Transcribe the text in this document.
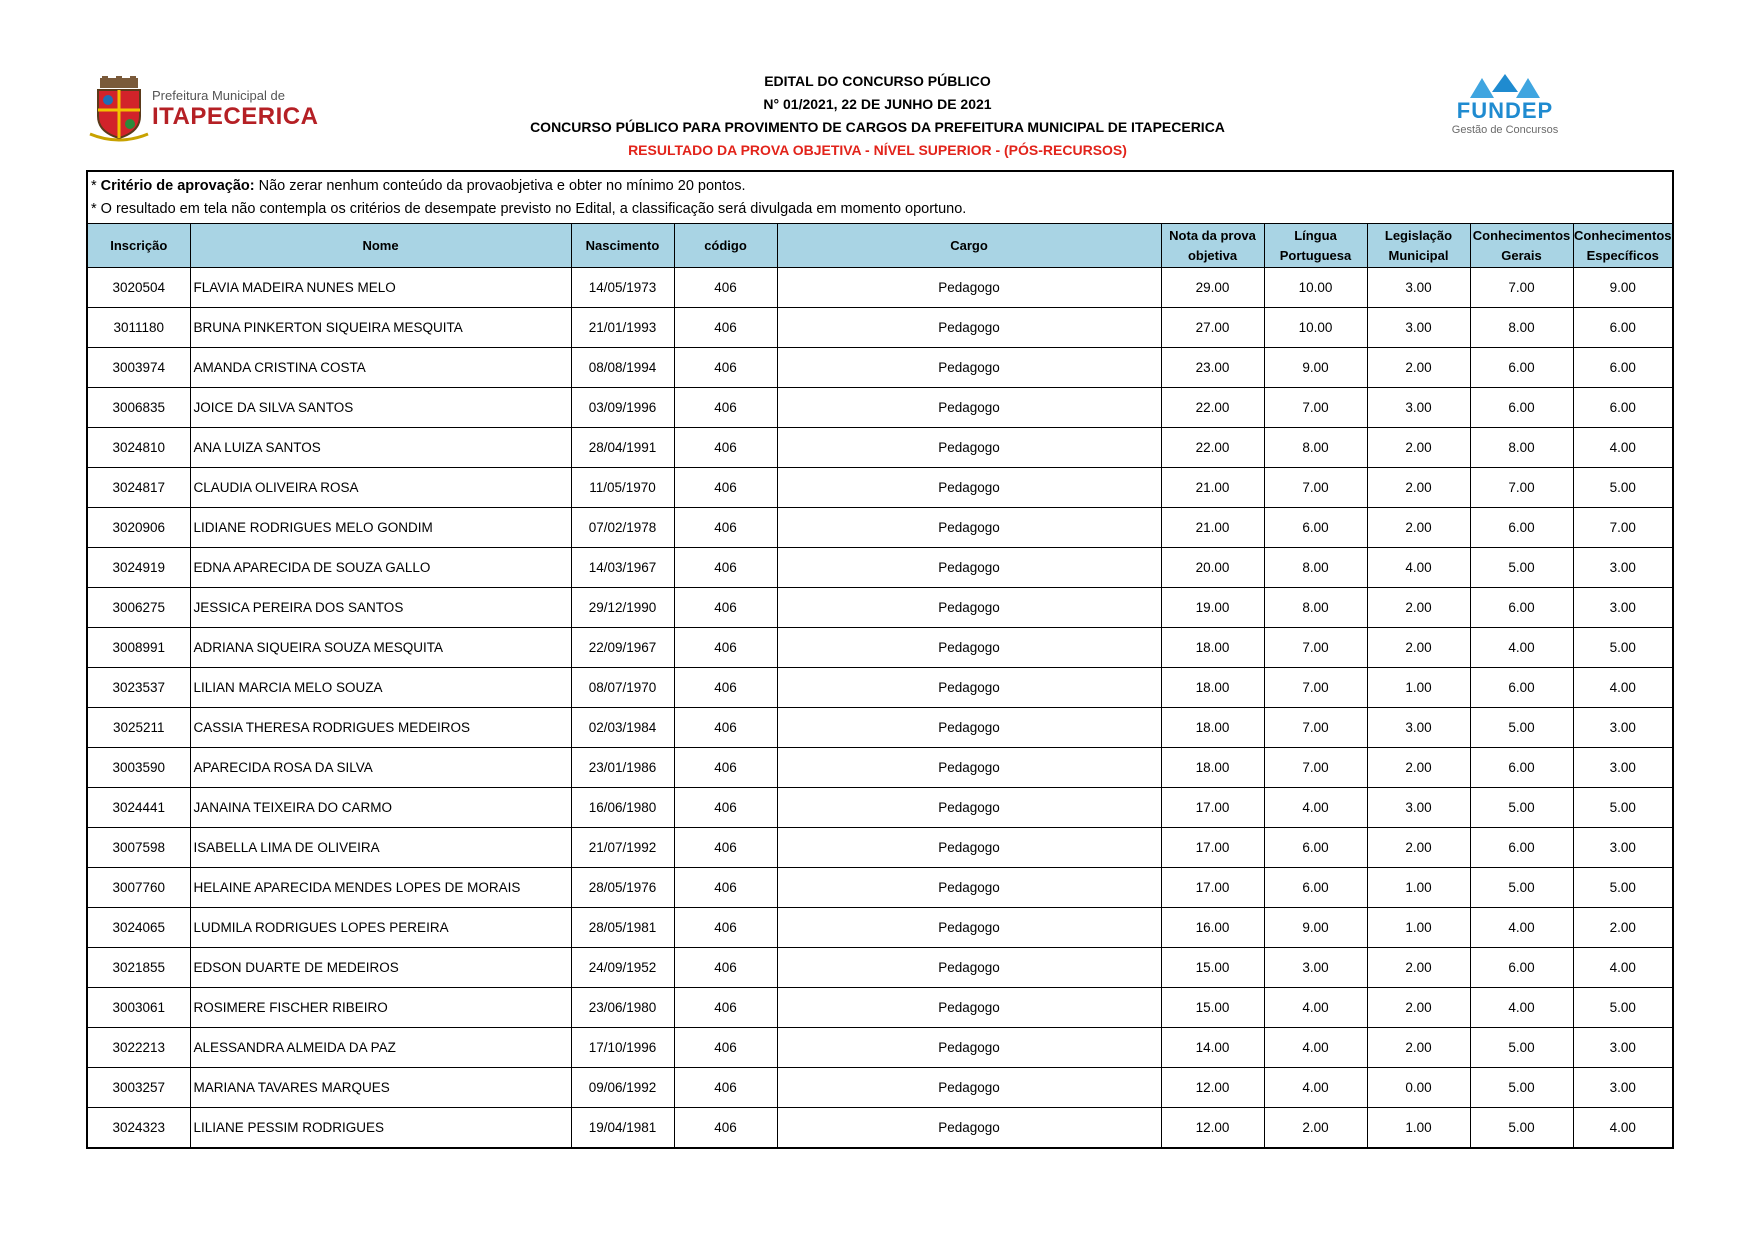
Prefeitura Municipal de
ITAPECERICA	FUNDEP
Gestão de Concursos
EDITAL DO CONCURSO PÚBLICO
N° 01/2021, 22 DE JUNHO DE 2021
CONCURSO PÚBLICO PARA PROVIMENTO DE CARGOS DA PREFEITURA MUNICIPAL DE ITAPECERICA
RESULTADO DA PROVA OBJETIVA - NÍVEL SUPERIOR - (PÓS-RECURSOS)
* Critério de aprovação: Não zerar nenhum conteúdo da provaobjetiva e obter no mínimo 20 pontos.
* O resultado em tela não contempla os critérios de desempate previsto no Edital, a classificação será divulgada em momento oportuno.
Inscrição	Nome	Nascimento	código	Cargo	Nota da prova objetiva	Língua Portuguesa	Legislação Municipal	Conhecimentos Gerais	Conhecimentos Específicos
3020504	FLAVIA MADEIRA NUNES MELO	14/05/1973	406	Pedagogo	29.00	10.00	3.00	7.00	9.00
3011180	BRUNA PINKERTON SIQUEIRA MESQUITA	21/01/1993	406	Pedagogo	27.00	10.00	3.00	8.00	6.00
3003974	AMANDA CRISTINA COSTA	08/08/1994	406	Pedagogo	23.00	9.00	2.00	6.00	6.00
3006835	JOICE DA SILVA SANTOS	03/09/1996	406	Pedagogo	22.00	7.00	3.00	6.00	6.00
3024810	ANA LUIZA SANTOS	28/04/1991	406	Pedagogo	22.00	8.00	2.00	8.00	4.00
3024817	CLAUDIA OLIVEIRA ROSA	11/05/1970	406	Pedagogo	21.00	7.00	2.00	7.00	5.00
3020906	LIDIANE RODRIGUES MELO GONDIM	07/02/1978	406	Pedagogo	21.00	6.00	2.00	6.00	7.00
3024919	EDNA APARECIDA DE SOUZA GALLO	14/03/1967	406	Pedagogo	20.00	8.00	4.00	5.00	3.00
3006275	JESSICA PEREIRA DOS SANTOS	29/12/1990	406	Pedagogo	19.00	8.00	2.00	6.00	3.00
3008991	ADRIANA SIQUEIRA SOUZA MESQUITA	22/09/1967	406	Pedagogo	18.00	7.00	2.00	4.00	5.00
3023537	LILIAN MARCIA MELO SOUZA	08/07/1970	406	Pedagogo	18.00	7.00	1.00	6.00	4.00
3025211	CASSIA THERESA RODRIGUES MEDEIROS	02/03/1984	406	Pedagogo	18.00	7.00	3.00	5.00	3.00
3003590	APARECIDA ROSA DA SILVA	23/01/1986	406	Pedagogo	18.00	7.00	2.00	6.00	3.00
3024441	JANAINA TEIXEIRA DO CARMO	16/06/1980	406	Pedagogo	17.00	4.00	3.00	5.00	5.00
3007598	ISABELLA LIMA DE OLIVEIRA	21/07/1992	406	Pedagogo	17.00	6.00	2.00	6.00	3.00
3007760	HELAINE APARECIDA MENDES LOPES DE MORAIS	28/05/1976	406	Pedagogo	17.00	6.00	1.00	5.00	5.00
3024065	LUDMILA RODRIGUES LOPES PEREIRA	28/05/1981	406	Pedagogo	16.00	9.00	1.00	4.00	2.00
3021855	EDSON DUARTE DE MEDEIROS	24/09/1952	406	Pedagogo	15.00	3.00	2.00	6.00	4.00
3003061	ROSIMERE FISCHER RIBEIRO	23/06/1980	406	Pedagogo	15.00	4.00	2.00	4.00	5.00
3022213	ALESSANDRA ALMEIDA DA PAZ	17/10/1996	406	Pedagogo	14.00	4.00	2.00	5.00	3.00
3003257	MARIANA TAVARES MARQUES	09/06/1992	406	Pedagogo	12.00	4.00	0.00	5.00	3.00
3024323	LILIANE PESSIM RODRIGUES	19/04/1981	406	Pedagogo	12.00	2.00	1.00	5.00	4.00
